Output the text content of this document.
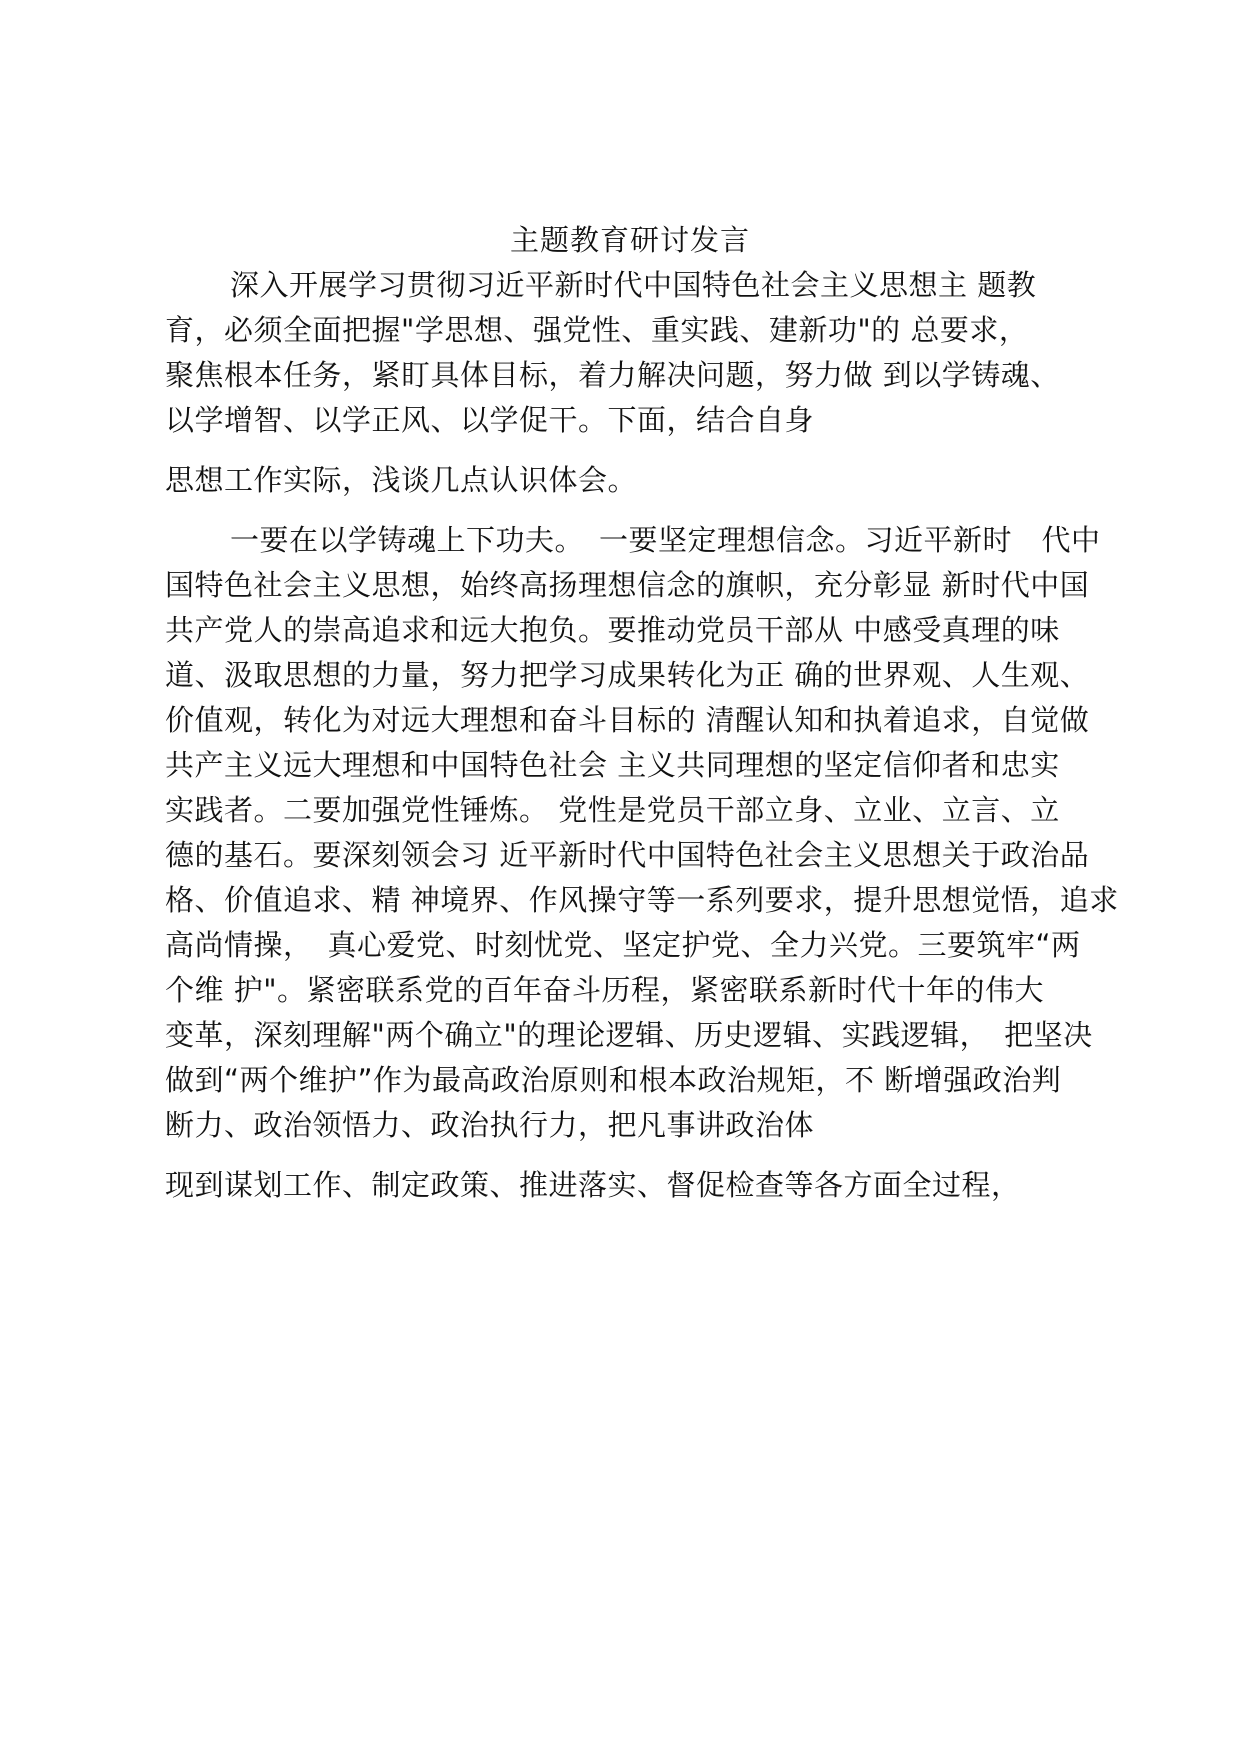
主题教育研讨发言
深入开展学习贯彻习近平新时代中国特色社会主义思想主 题教
育，必须全面把握"学思想、强党性、重实践、建新功"的 总要求，
聚焦根本任务，紧盯具体目标，着力解决问题，努力做 到以学铸魂、
以学增智、以学正风、以学促干。下面，结合自身
思想工作实际，浅谈几点认识体会。
一要在以学铸魂上下功夫。　一要坚定理想信念。习近平新时　代中
国特色社会主义思想，始终高扬理想信念的旗帜，充分彰显 新时代中国
共产党人的崇高追求和远大抱负。要推动党员干部从 中感受真理的味
道、汲取思想的力量，努力把学习成果转化为正 确的世界观、人生观、
价值观，转化为对远大理想和奋斗目标的 清醒认知和执着追求，自觉做
共产主义远大理想和中国特色社会 主义共同理想的坚定信仰者和忠实
实践者。二要加强党性锤炼。 党性是党员干部立身、立业、立言、立
德的基石。要深刻领会习 近平新时代中国特色社会主义思想关于政治品
格、价值追求、精 神境界、作风操守等一系列要求，提升思想觉悟，追求
高尚情操，　真心爱党、时刻忧党、坚定护党、全力兴党。三要筑牢“两
个维 护"。紧密联系党的百年奋斗历程，紧密联系新时代十年的伟大
变革，深刻理解"两个确立"的理论逻辑、历史逻辑、实践逻辑，　把坚决
做到“两个维护”作为最高政治原则和根本政治规矩，不 断增强政治判
断力、政治领悟力、政治执行力，把凡事讲政治体
现到谋划工作、制定政策、推进落实、督促检查等各方面全过程，
